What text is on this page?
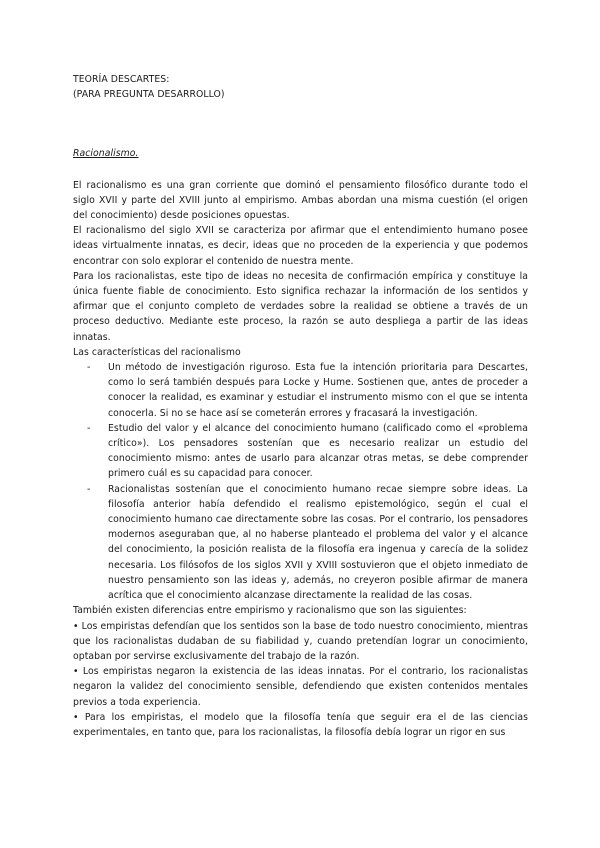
TEORÍA DESCARTES:

(PARA PREGUNTA DESARROLLO)

Racionalismo.

El racionalismo es una gran corriente que dominó el pensamiento filosófico durante todo el siglo XVII y parte del XVIII junto al empirismo. Ambas abordan una misma cuestión (el origen del conocimiento) desde posiciones opuestas.

El racionalismo del siglo XVII se caracteriza por afirmar que el entendimiento humano posee ideas virtualmente innatas, es decir, ideas que no proceden de la experiencia y que podemos encontrar con solo explorar el contenido de nuestra mente.

Para los racionalistas, este tipo de ideas no necesita de confirmación empírica y constituye la única fuente fiable de conocimiento. Esto significa rechazar la información de los sentidos y afirmar que el conjunto completo de verdades sobre la realidad se obtiene a través de un proceso deductivo. Mediante este proceso, la razón se auto despliega a partir de las ideas innatas.

Las características del racionalismo

- Un método de investigación riguroso. Esta fue la intención prioritaria para Descartes, como lo será también después para Locke y Hume. Sostienen que, antes de proceder a conocer la realidad, es examinar y estudiar el instrumento mismo con el que se intenta conocerla. Si no se hace así se cometerán errores y fracasará la investigación.
- Estudio del valor y el alcance del conocimiento humano (calificado como el «problema crítico»). Los pensadores sostenían que es necesario realizar un estudio del conocimiento mismo: antes de usarlo para alcanzar otras metas, se debe comprender primero cuál es su capacidad para conocer.
- Racionalistas sostenían que el conocimiento humano recae siempre sobre ideas. La filosofía anterior había defendido el realismo epistemológico, según el cual el conocimiento humano cae directamente sobre las cosas. Por el contrario, los pensadores modernos aseguraban que, al no haberse planteado el problema del valor y el alcance del conocimiento, la posición realista de la filosofía era ingenua y carecía de la solidez necesaria. Los filósofos de los siglos XVII y XVIII sostuvieron que el objeto inmediato de nuestro pensamiento son las ideas y, además, no creyeron posible afirmar de manera acrítica que el conocimiento alcanzase directamente la realidad de las cosas.

También existen diferencias entre empirismo y racionalismo que son las siguientes:

• Los empiristas defendían que los sentidos son la base de todo nuestro conocimiento, mientras que los racionalistas dudaban de su fiabilidad y, cuando pretendían lograr un conocimiento, optaban por servirse exclusivamente del trabajo de la razón.

• Los empiristas negaron la existencia de las ideas innatas. Por el contrario, los racionalistas negaron la validez del conocimiento sensible, defendiendo que existen contenidos mentales previos a toda experiencia.

• Para los empiristas, el modelo que la filosofía tenía que seguir era el de las ciencias experimentales, en tanto que, para los racionalistas, la filosofía debía lograr un rigor en sus
